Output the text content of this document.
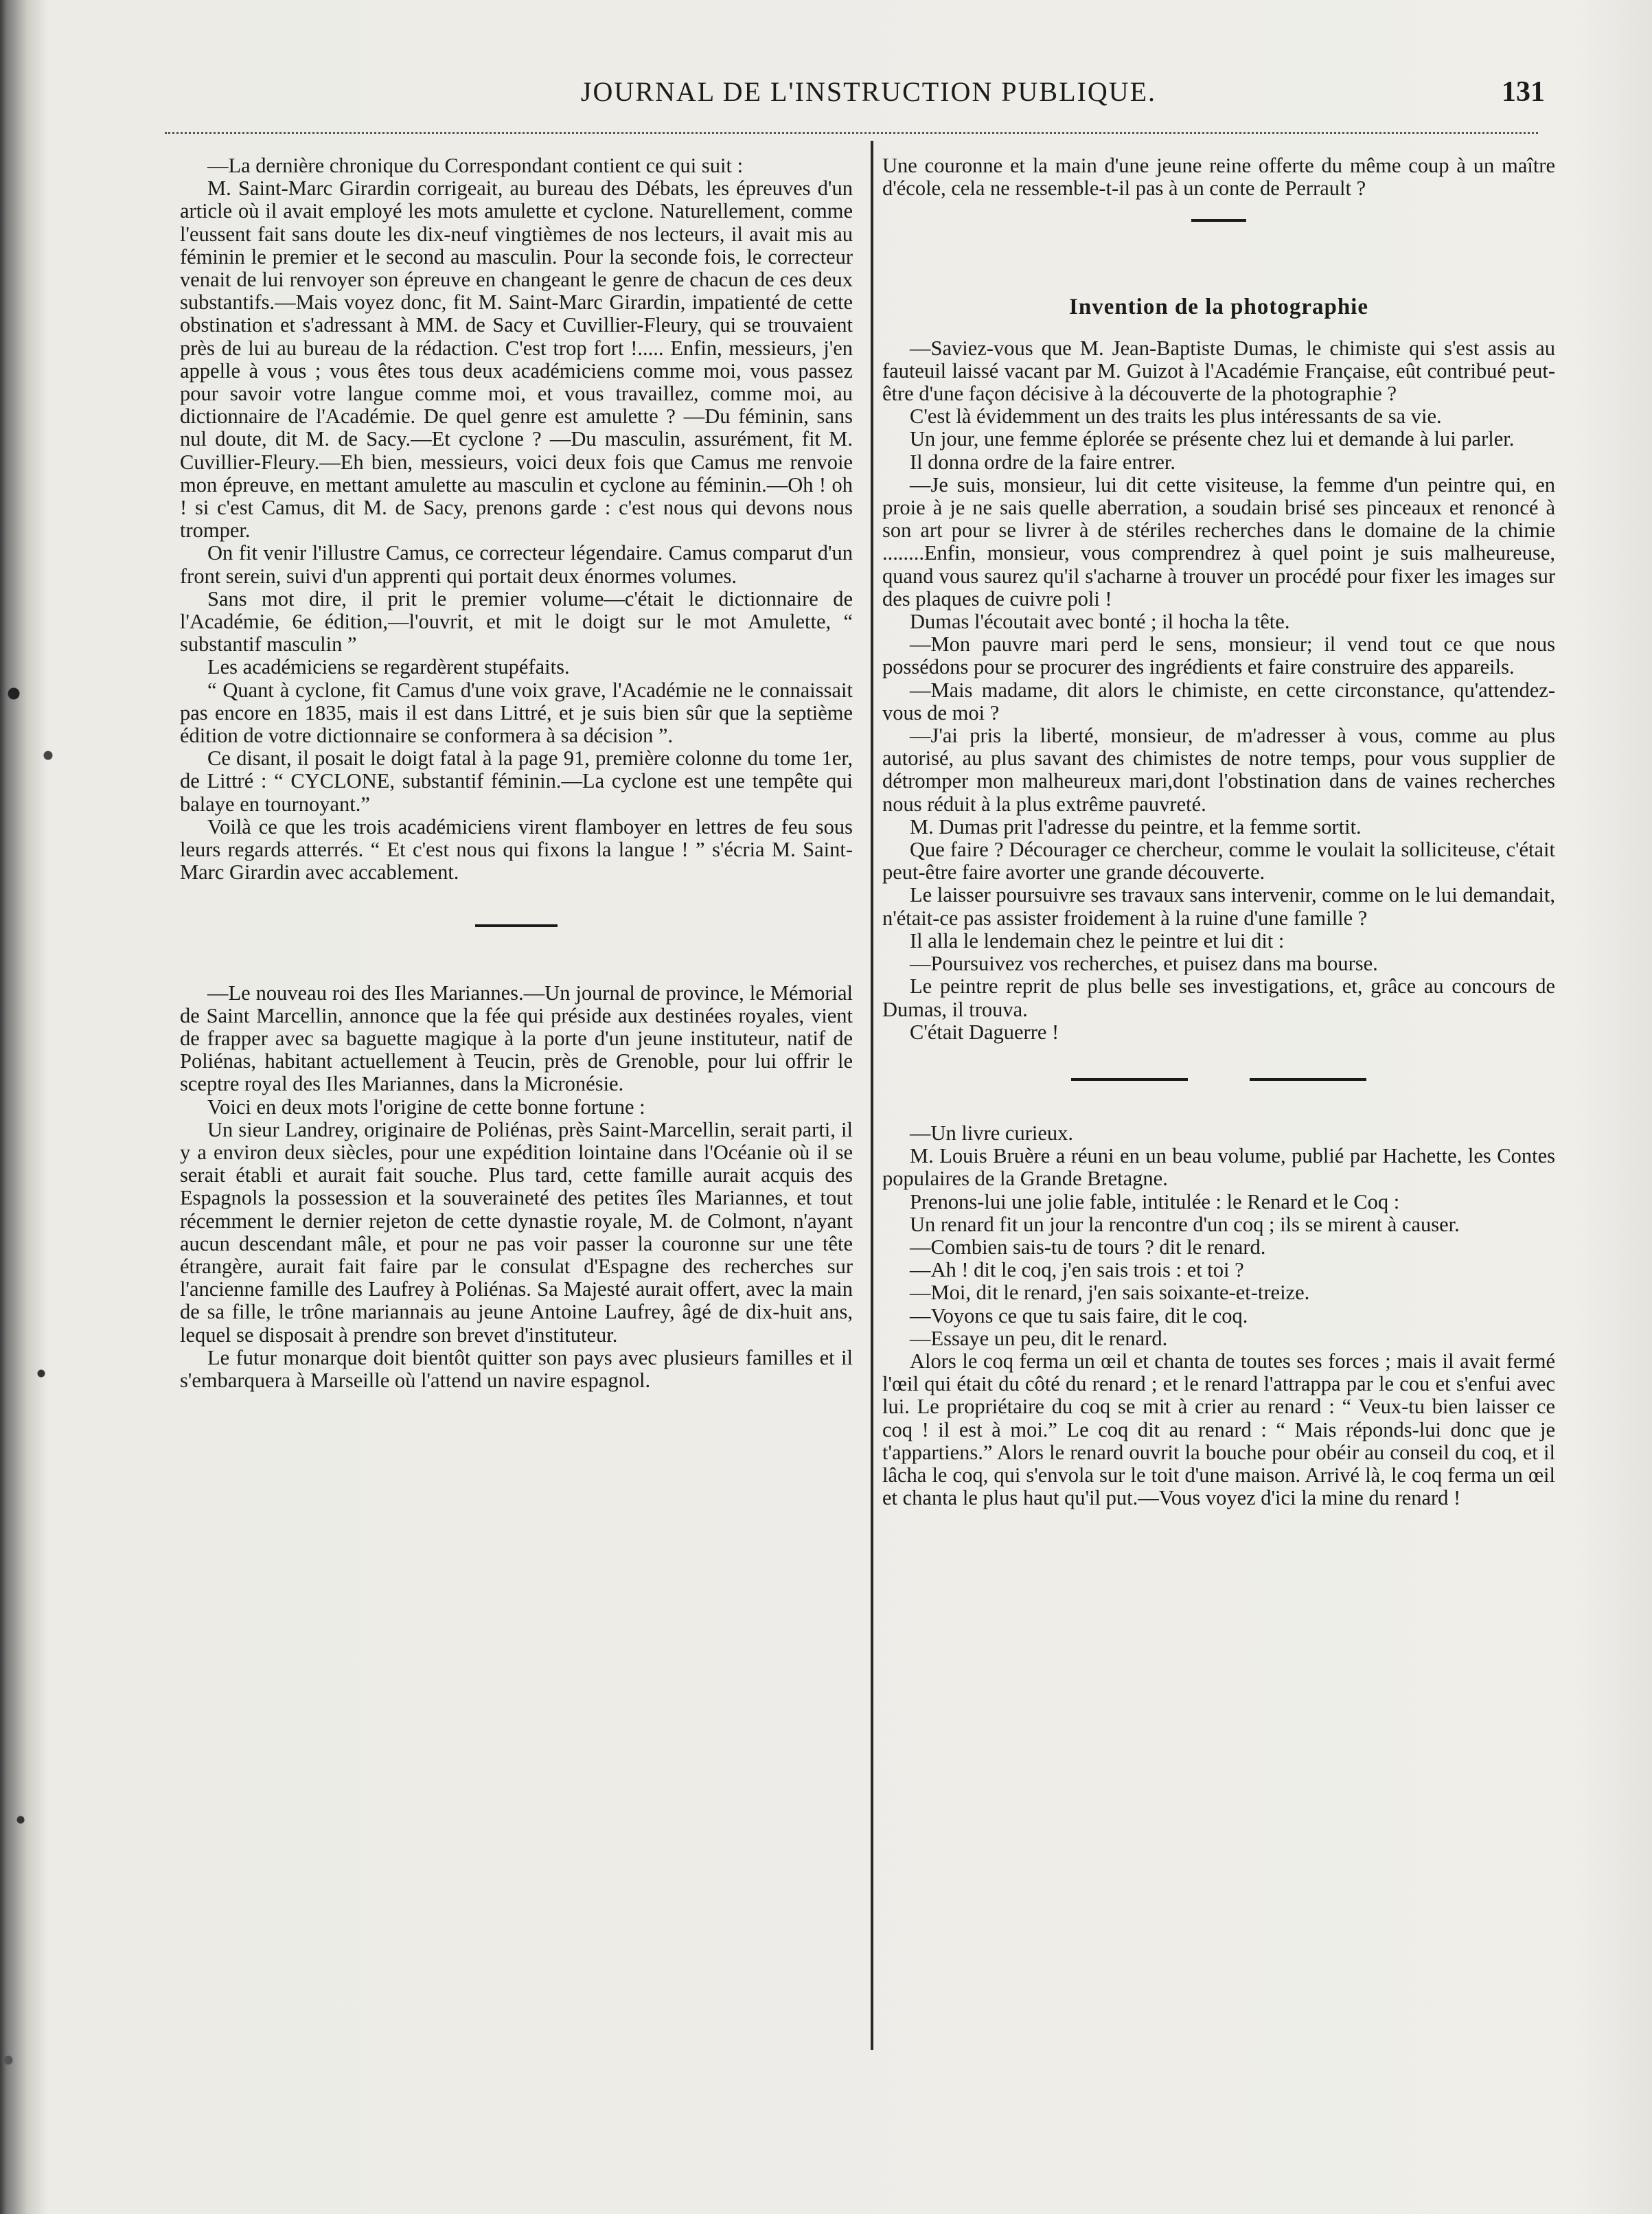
JOURNAL DE L'INSTRUCTION PUBLIQUE.	131

—La dernière chronique du Correspondant contient ce qui suit :

M. Saint-Marc Girardin corrigeait, au bureau des Débats, les épreuves d'un article où il avait employé les mots amulette et cyclone. Naturellement, comme l'eussent fait sans doute les dix-neuf vingtièmes de nos lecteurs, il avait mis au féminin le premier et le second au masculin. Pour la seconde fois, le correcteur venait de lui renvoyer son épreuve en changeant le genre de chacun de ces deux substantifs.—Mais voyez donc, fit M. Saint-Marc Girardin, impatienté de cette obstination et s'adressant à MM. de Sacy et Cuvillier-Fleury, qui se trouvaient près de lui au bureau de la rédaction. C'est trop fort !..... Enfin, messieurs, j'en appelle à vous ; vous êtes tous deux académiciens comme moi, vous passez pour savoir votre langue comme moi, et vous travaillez, comme moi, au dictionnaire de l'Académie. De quel genre est amulette ? —Du féminin, sans nul doute, dit M. de Sacy.—Et cyclone ? —Du masculin, assurément, fit M. Cuvillier-Fleury.—Eh bien, messieurs, voici deux fois que Camus me renvoie mon épreuve, en mettant amulette au masculin et cyclone au féminin.—Oh ! oh ! si c'est Camus, dit M. de Sacy, prenons garde : c'est nous qui devons nous tromper.

On fit venir l'illustre Camus, ce correcteur légendaire. Camus comparut d'un front serein, suivi d'un apprenti qui portait deux énormes volumes.

Sans mot dire, il prit le premier volume—c'était le dictionnaire de l'Académie, 6e édition,—l'ouvrit, et mit le doigt sur le mot Amulette, “ substantif masculin ”

Les académiciens se regardèrent stupéfaits.

“ Quant à cyclone, fit Camus d'une voix grave, l'Académie ne le connaissait pas encore en 1835, mais il est dans Littré, et je suis bien sûr que la septième édition de votre dictionnaire se conformera à sa décision ”.

Ce disant, il posait le doigt fatal à la page 91, première colonne du tome 1er, de Littré : “ CYCLONE, substantif féminin.—La cyclone est une tempête qui balaye en tournoyant.”

Voilà ce que les trois académiciens virent flamboyer en lettres de feu sous leurs regards atterrés. “ Et c'est nous qui fixons la langue ! ” s'écria M. Saint-Marc Girardin avec accablement.

—Le nouveau roi des Iles Mariannes.—Un journal de province, le Mémorial de Saint Marcellin, annonce que la fée qui préside aux destinées royales, vient de frapper avec sa baguette magique à la porte d'un jeune instituteur, natif de Poliénas, habitant actuellement à Teucin, près de Grenoble, pour lui offrir le sceptre royal des Iles Mariannes, dans la Micronésie.

Voici en deux mots l'origine de cette bonne fortune :

Un sieur Landrey, originaire de Poliénas, près Saint-Marcellin, serait parti, il y a environ deux siècles, pour une expédition lointaine dans l'Océanie où il se serait établi et aurait fait souche. Plus tard, cette famille aurait acquis des Espagnols la possession et la souveraineté des petites îles Mariannes, et tout récemment le dernier rejeton de cette dynastie royale, M. de Colmont, n'ayant aucun descendant mâle, et pour ne pas voir passer la couronne sur une tête étrangère, aurait fait faire par le consulat d'Espagne des recherches sur l'ancienne famille des Laufrey à Poliénas. Sa Majesté aurait offert, avec la main de sa fille, le trône mariannais au jeune Antoine Laufrey, âgé de dix-huit ans, lequel se disposait à prendre son brevet d'instituteur.

Le futur monarque doit bientôt quitter son pays avec plusieurs familles et il s'embarquera à Marseille où l'attend un navire espagnol.

Une couronne et la main d'une jeune reine offerte du même coup à un maître d'école, cela ne ressemble-t-il pas à un conte de Perrault ?

Invention de la photographie

—Saviez-vous que M. Jean-Baptiste Dumas, le chimiste qui s'est assis au fauteuil laissé vacant par M. Guizot à l'Académie Française, eût contribué peut-être d'une façon décisive à la découverte de la photographie ?

C'est là évidemment un des traits les plus intéressants de sa vie.

Un jour, une femme éplorée se présente chez lui et demande à lui parler.

Il donna ordre de la faire entrer.

—Je suis, monsieur, lui dit cette visiteuse, la femme d'un peintre qui, en proie à je ne sais quelle aberration, a soudain brisé ses pinceaux et renoncé à son art pour se livrer à de stériles recherches dans le domaine de la chimie ........Enfin, monsieur, vous comprendrez à quel point je suis malheureuse, quand vous saurez qu'il s'acharne à trouver un procédé pour fixer les images sur des plaques de cuivre poli !

Dumas l'écoutait avec bonté ; il hocha la tête.

—Mon pauvre mari perd le sens, monsieur; il vend tout ce que nous possédons pour se procurer des ingrédients et faire construire des appareils.

—Mais madame, dit alors le chimiste, en cette circonstance, qu'attendez-vous de moi ?

—J'ai pris la liberté, monsieur, de m'adresser à vous, comme au plus autorisé, au plus savant des chimistes de notre temps, pour vous supplier de détromper mon malheureux mari,dont l'obstination dans de vaines recherches nous réduit à la plus extrême pauvreté.

M. Dumas prit l'adresse du peintre, et la femme sortit.

Que faire ? Décourager ce chercheur, comme le voulait la solliciteuse, c'était peut-être faire avorter une grande découverte.

Le laisser poursuivre ses travaux sans intervenir, comme on le lui demandait, n'était-ce pas assister froidement à la ruine d'une famille ?

Il alla le lendemain chez le peintre et lui dit :

—Poursuivez vos recherches, et puisez dans ma bourse.

Le peintre reprit de plus belle ses investigations, et, grâce au concours de Dumas, il trouva.

C'était Daguerre !

—Un livre curieux.

M. Louis Bruère a réuni en un beau volume, publié par Hachette, les Contes populaires de la Grande Bretagne.

Prenons-lui une jolie fable, intitulée : le Renard et le Coq :

Un renard fit un jour la rencontre d'un coq ; ils se mirent à causer.

—Combien sais-tu de tours ? dit le renard.

—Ah ! dit le coq, j'en sais trois : et toi ?

—Moi, dit le renard, j'en sais soixante-et-treize.

—Voyons ce que tu sais faire, dit le coq.

—Essaye un peu, dit le renard.

Alors le coq ferma un œil et chanta de toutes ses forces ; mais il avait fermé l'œil qui était du côté du renard ; et le renard l'attrappa par le cou et s'enfui avec lui. Le propriétaire du coq se mit à crier au renard : “ Veux-tu bien laisser ce coq ! il est à moi.” Le coq dit au renard : “ Mais réponds-lui donc que je t'appartiens.” Alors le renard ouvrit la bouche pour obéir au conseil du coq, et il lâcha le coq, qui s'envola sur le toit d'une maison. Arrivé là, le coq ferma un œil et chanta le plus haut qu'il put.—Vous voyez d'ici la mine du renard !
